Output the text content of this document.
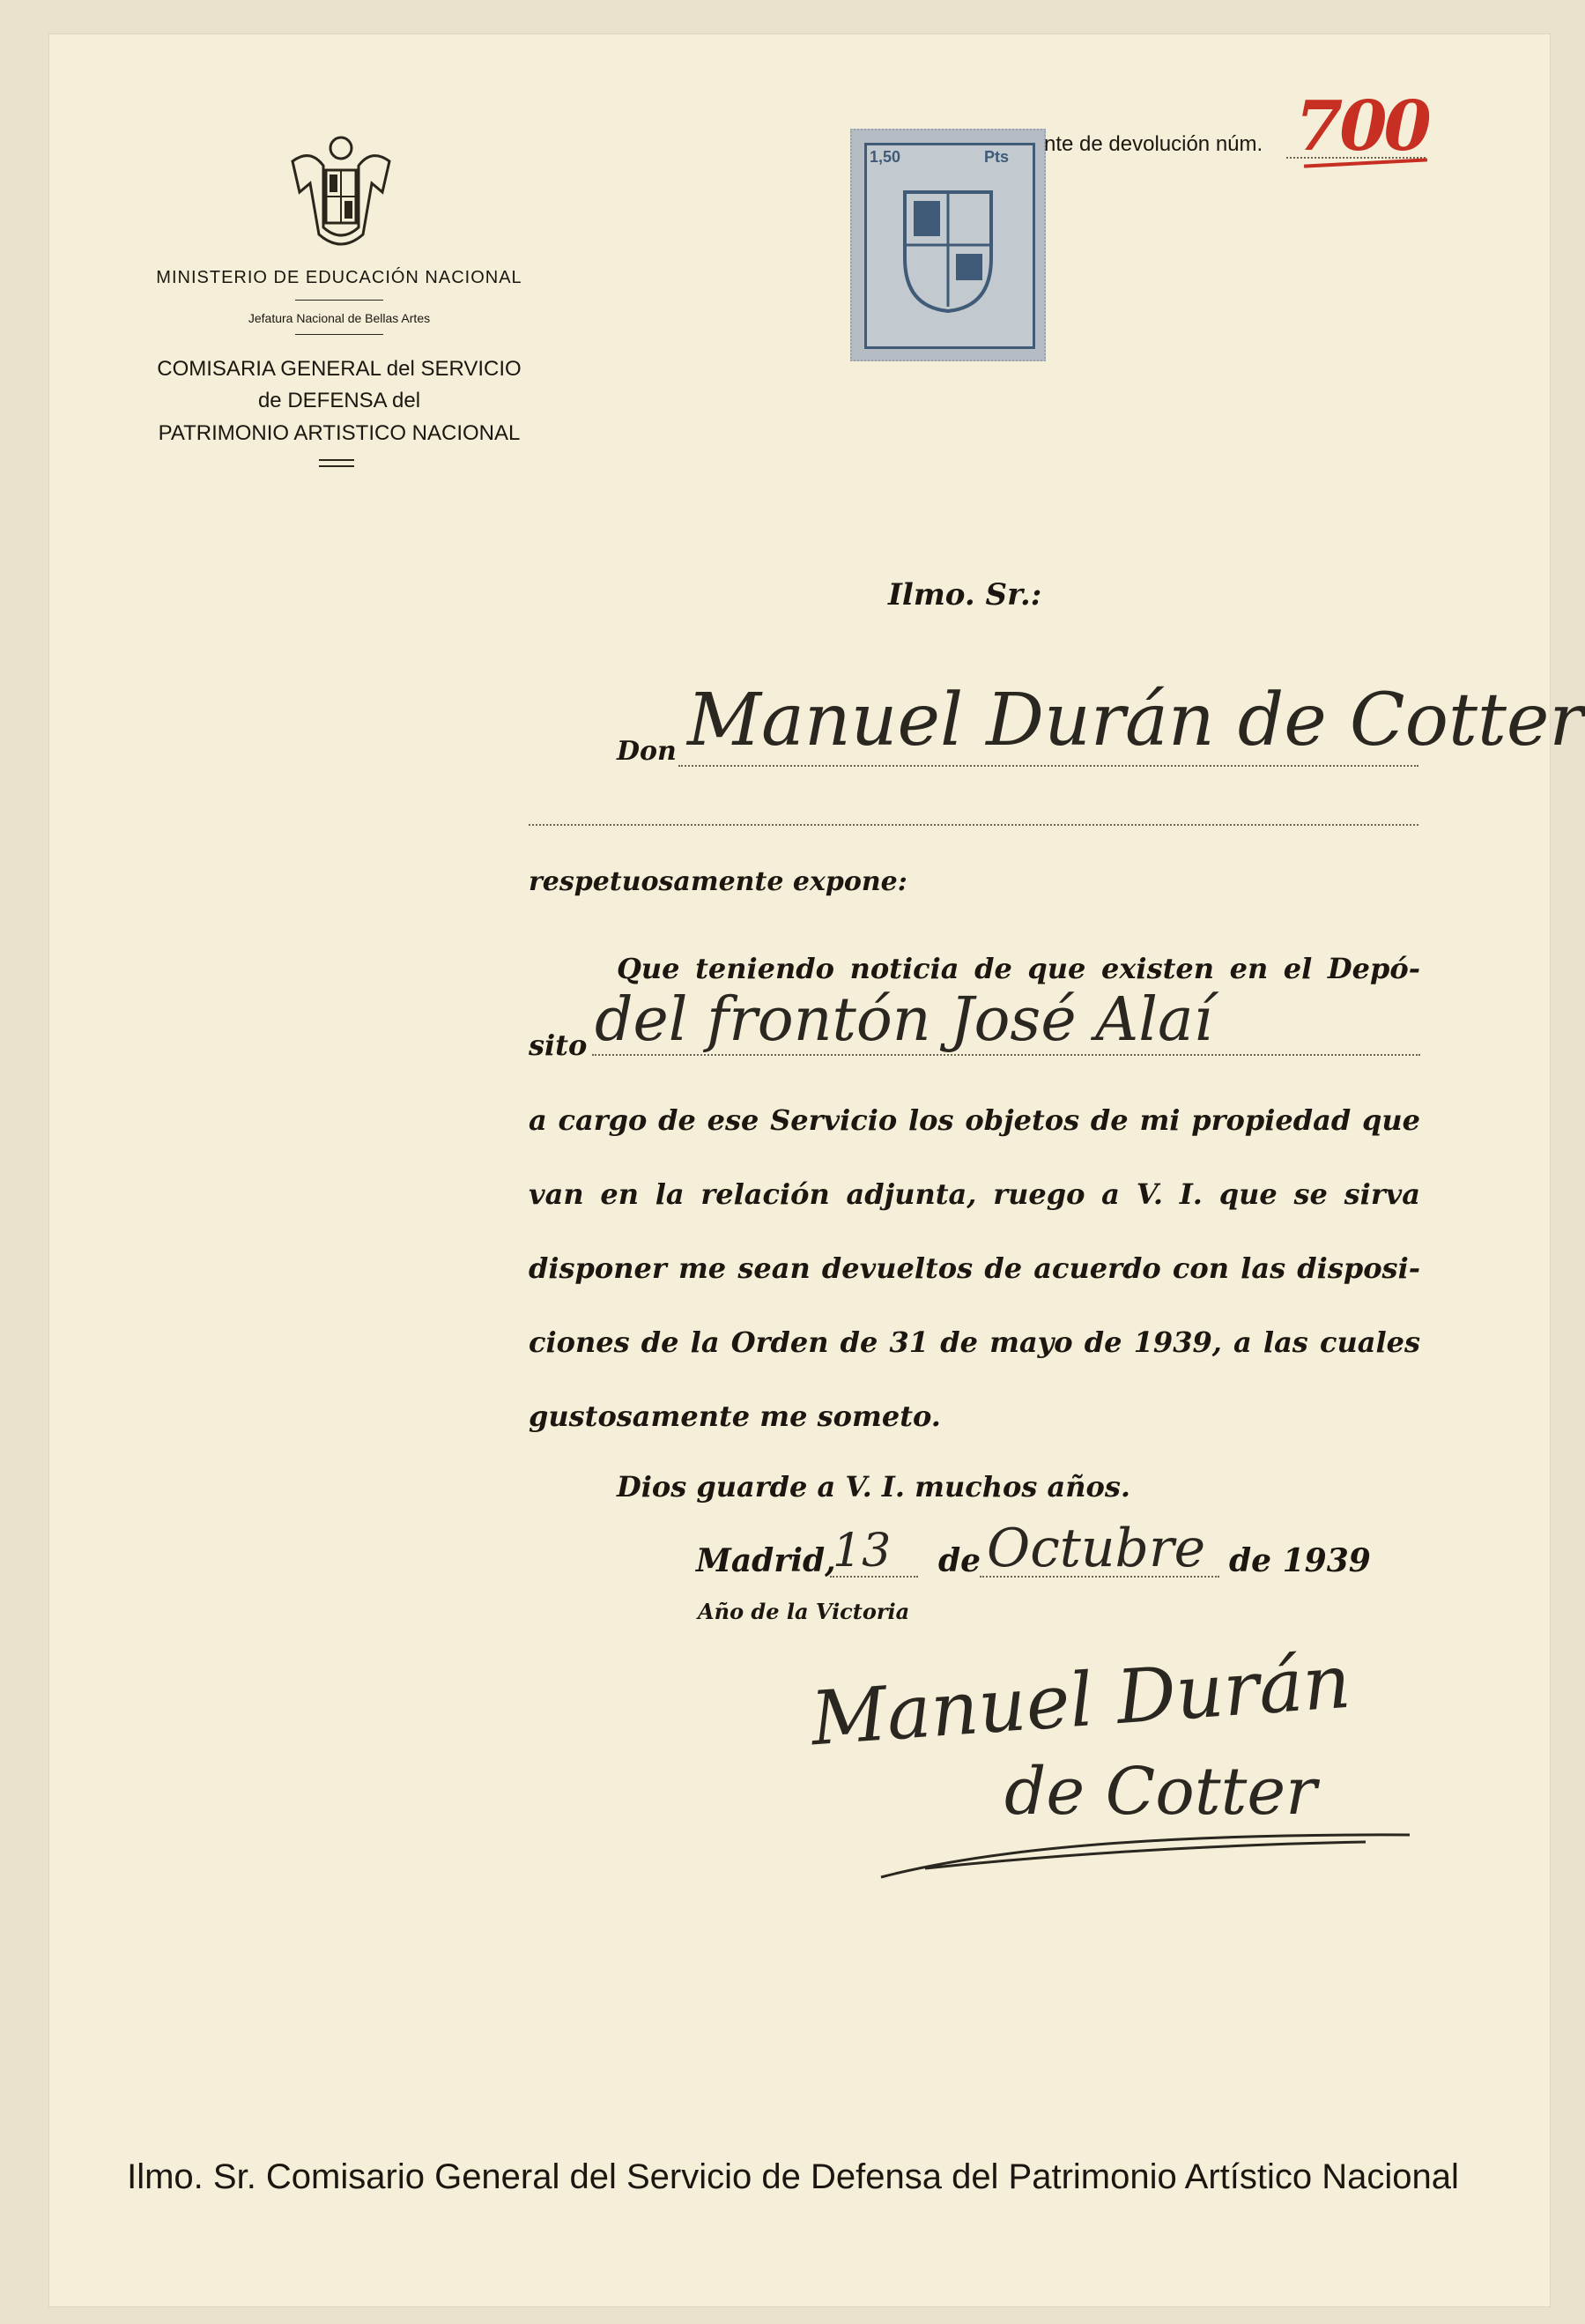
MINISTERIO DE EDUCACIÓN NACIONAL
Jefatura Nacional de Bellas Artes
COMISARIA GENERAL del SERVICIO
de DEFENSA del
PATRIMONIO ARTISTICO NACIONAL
1,50	Pts
nte de devolución núm. 700
Ilmo. Sr.:
Don Manuel Durán de Cotter
respetuosamente expone:
Que teniendo noticia de que existen en el Depó-
sito del frontón José Alaí
a cargo de ese Servicio los objetos de mi propiedad que
van en la relación adjunta, ruego a V. I. que se sirva
disponer me sean devueltos de acuerdo con las disposi-
ciones de la Orden de 31 de mayo de 1939, a las cuales
gustosamente me someto.
Dios guarde a V. I. muchos años.
Madrid,
13 de Octubre de 1939
Año de la Victoria
Manuel Durán
de Cotter
Ilmo. Sr. Comisario General del Servicio de Defensa del Patrimonio Artístico Nacional
